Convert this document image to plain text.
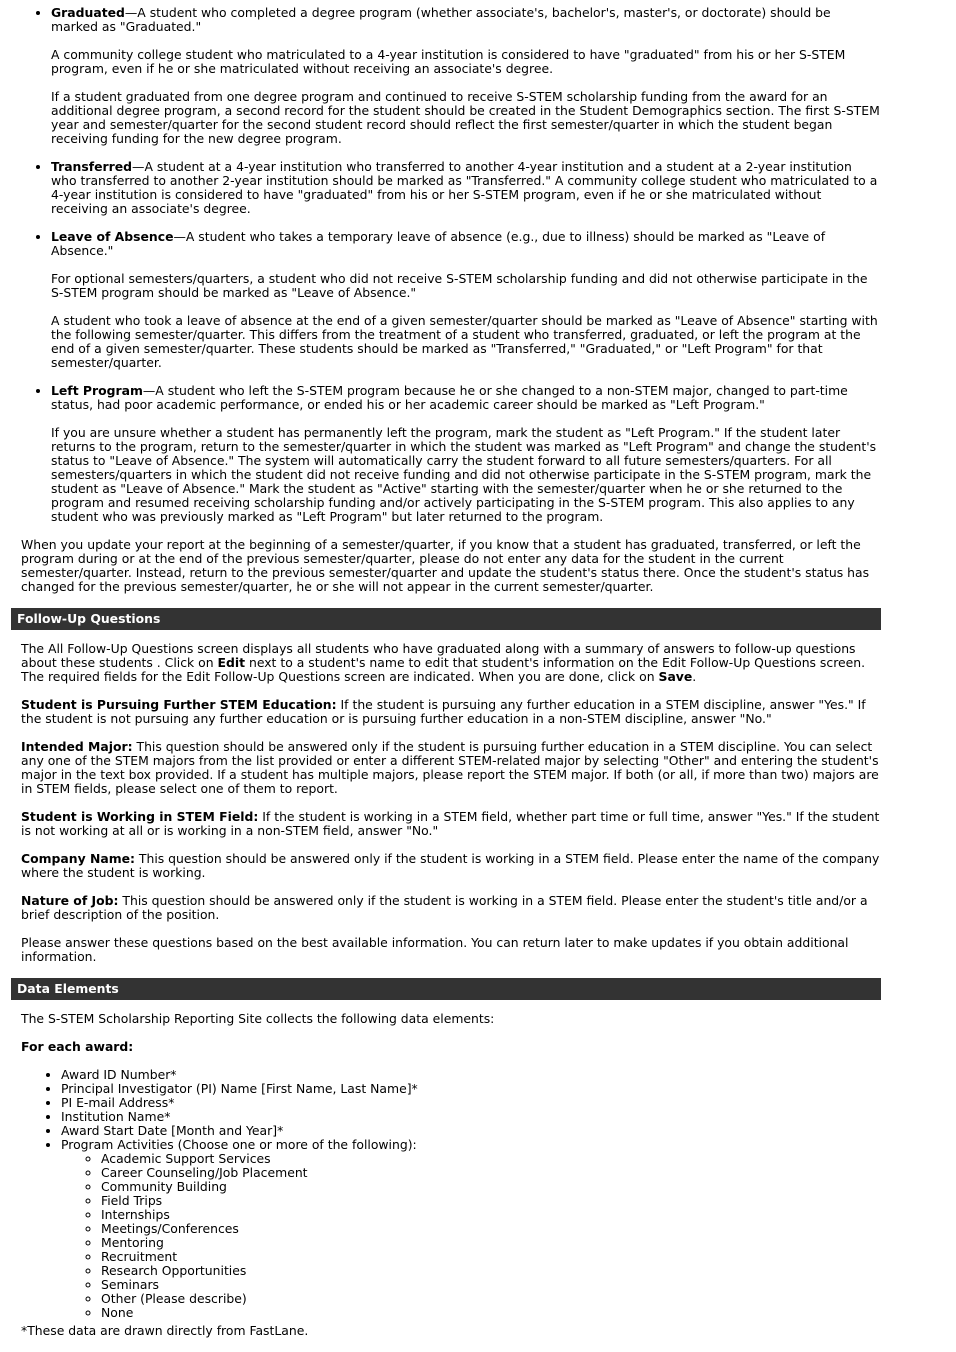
• Graduated—A student who completed a degree program (whether associate's, bachelor's, master's, or doctorate) should be marked as "Graduated."

A community college student who matriculated to a 4-year institution is considered to have "graduated" from his or her S-STEM program, even if he or she matriculated without receiving an associate's degree.

If a student graduated from one degree program and continued to receive S-STEM scholarship funding from the award for an additional degree program, a second record for the student should be created in the Student Demographics section. The first S-STEM year and semester/quarter for the second student record should reflect the first semester/quarter in which the student began receiving funding for the new degree program.

• Transferred—A student at a 4-year institution who transferred to another 4-year institution and a student at a 2-year institution who transferred to another 2-year institution should be marked as "Transferred." A community college student who matriculated to a 4-year institution is considered to have "graduated" from his or her S-STEM program, even if he or she matriculated without receiving an associate's degree.

• Leave of Absence—A student who takes a temporary leave of absence (e.g., due to illness) should be marked as "Leave of Absence."

For optional semesters/quarters, a student who did not receive S-STEM scholarship funding and did not otherwise participate in the S-STEM program should be marked as "Leave of Absence."

A student who took a leave of absence at the end of a given semester/quarter should be marked as "Leave of Absence" starting with the following semester/quarter. This differs from the treatment of a student who transferred, graduated, or left the program at the end of a given semester/quarter. These students should be marked as "Transferred," "Graduated," or "Left Program" for that semester/quarter.

• Left Program—A student who left the S-STEM program because he or she changed to a non-STEM major, changed to part-time status, had poor academic performance, or ended his or her academic career should be marked as "Left Program."

If you are unsure whether a student has permanently left the program, mark the student as "Left Program." If the student later returns to the program, return to the semester/quarter in which the student was marked as "Left Program" and change the student's status to "Leave of Absence." The system will automatically carry the student forward to all future semesters/quarters. For all semesters/quarters in which the student did not receive funding and did not otherwise participate in the S-STEM program, mark the student as "Leave of Absence." Mark the student as "Active" starting with the semester/quarter when he or she returned to the program and resumed receiving scholarship funding and/or actively participating in the S-STEM program. This also applies to any student who was previously marked as "Left Program" but later returned to the program.

When you update your report at the beginning of a semester/quarter, if you know that a student has graduated, transferred, or left the program during or at the end of the previous semester/quarter, please do not enter any data for the student in the current semester/quarter. Instead, return to the previous semester/quarter and update the student's status there. Once the student's status has changed for the previous semester/quarter, he or she will not appear in the current semester/quarter.

Follow-Up Questions

The All Follow-Up Questions screen displays all students who have graduated along with a summary of answers to follow-up questions about these students . Click on Edit next to a student's name to edit that student's information on the Edit Follow-Up Questions screen. The required fields for the Edit Follow-Up Questions screen are indicated. When you are done, click on Save.

Student is Pursuing Further STEM Education: If the student is pursuing any further education in a STEM discipline, answer "Yes." If the student is not pursuing any further education or is pursuing further education in a non-STEM discipline, answer "No."

Intended Major: This question should be answered only if the student is pursuing further education in a STEM discipline. You can select any one of the STEM majors from the list provided or enter a different STEM-related major by selecting "Other" and entering the student's major in the text box provided. If a student has multiple majors, please report the STEM major. If both (or all, if more than two) majors are in STEM fields, please select one of them to report.

Student is Working in STEM Field: If the student is working in a STEM field, whether part time or full time, answer "Yes." If the student is not working at all or is working in a non-STEM field, answer "No."

Company Name: This question should be answered only if the student is working in a STEM field. Please enter the name of the company where the student is working.

Nature of Job: This question should be answered only if the student is working in a STEM field. Please enter the student's title and/or a brief description of the position.

Please answer these questions based on the best available information. You can return later to make updates if you obtain additional information.

Data Elements

The S-STEM Scholarship Reporting Site collects the following data elements:

For each award:

• Award ID Number*
• Principal Investigator (PI) Name [First Name, Last Name]*
• PI E-mail Address*
• Institution Name*
• Award Start Date [Month and Year]*
• Program Activities (Choose one or more of the following):
◦ Academic Support Services
◦ Career Counseling/Job Placement
◦ Community Building
◦ Field Trips
◦ Internships
◦ Meetings/Conferences
◦ Mentoring
◦ Recruitment
◦ Research Opportunities
◦ Seminars
◦ Other (Please describe)
◦ None

*These data are drawn directly from FastLane.
